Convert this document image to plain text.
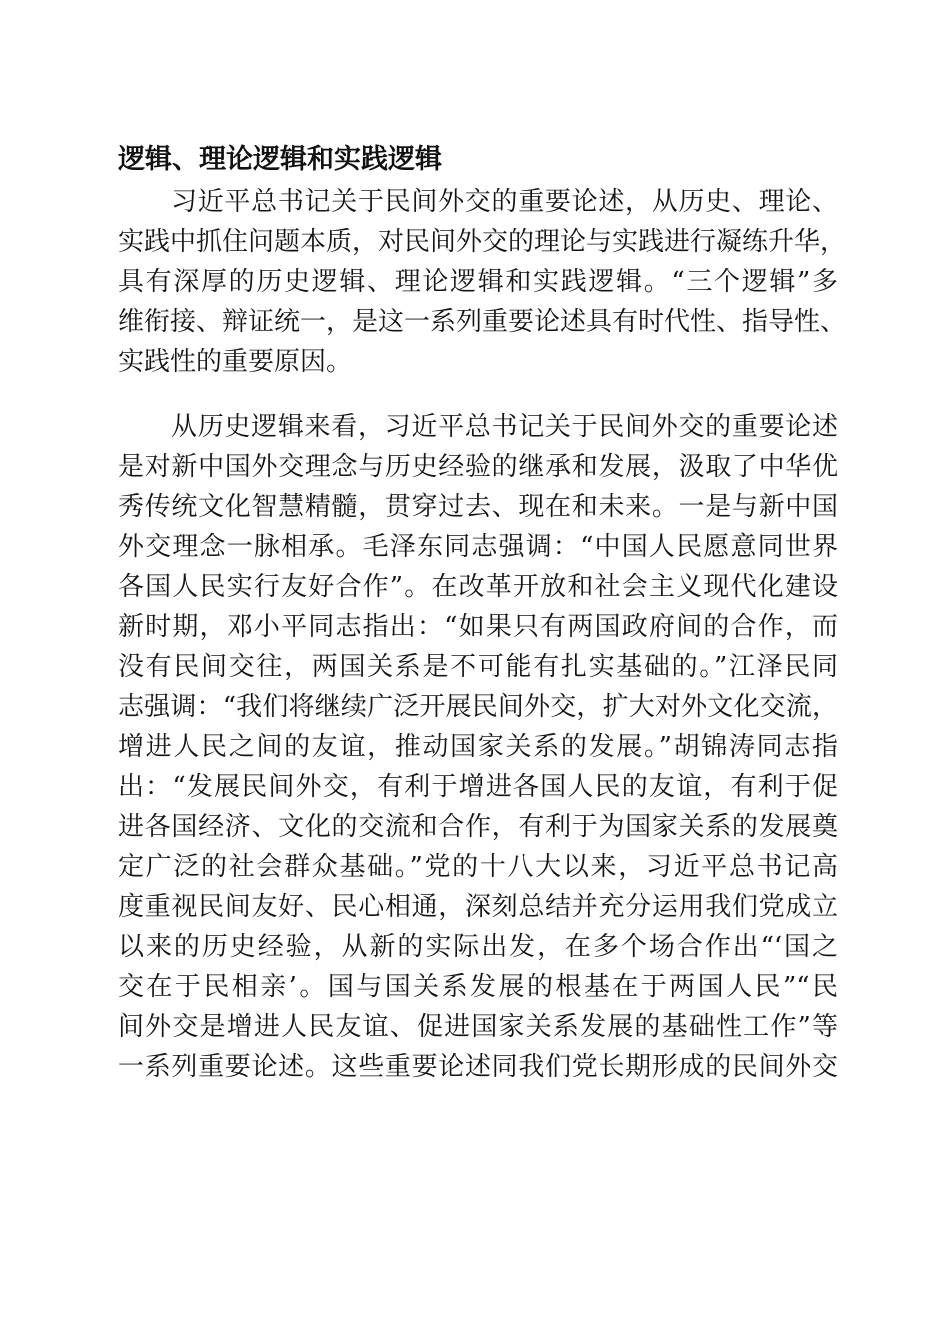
逻辑、理论逻辑和实践逻辑
习近平总书记关于民间外交的重要论述，从历史、理论、
实践中抓住问题本质，对民间外交的理论与实践进行凝练升华，
具有深厚的历史逻辑、理论逻辑和实践逻辑。“三个逻辑”多
维衔接、辩证统一，是这一系列重要论述具有时代性、指导性、
实践性的重要原因。
从历史逻辑来看，习近平总书记关于民间外交的重要论述
是对新中国外交理念与历史经验的继承和发展，汲取了中华优
秀传统文化智慧精髓，贯穿过去、现在和未来。一是与新中国
外交理念一脉相承。毛泽东同志强调：“中国人民愿意同世界
各国人民实行友好合作”。在改革开放和社会主义现代化建设
新时期，邓小平同志指出：“如果只有两国政府间的合作，而
没有民间交往，两国关系是不可能有扎实基础的。”江泽民同
志强调：“我们将继续广泛开展民间外交，扩大对外文化交流，
增进人民之间的友谊，推动国家关系的发展。”胡锦涛同志指
出：“发展民间外交，有利于增进各国人民的友谊，有利于促
进各国经济、文化的交流和合作，有利于为国家关系的发展奠
定广泛的社会群众基础。”党的十八大以来，习近平总书记高
度重视民间友好、民心相通，深刻总结并充分运用我们党成立
以来的历史经验，从新的实际出发，在多个场合作出“‘国之
交在于民相亲’。国与国关系发展的根基在于两国人民”“民
间外交是增进人民友谊、促进国家关系发展的基础性工作”等
一系列重要论述。这些重要论述同我们党长期形成的民间外交
